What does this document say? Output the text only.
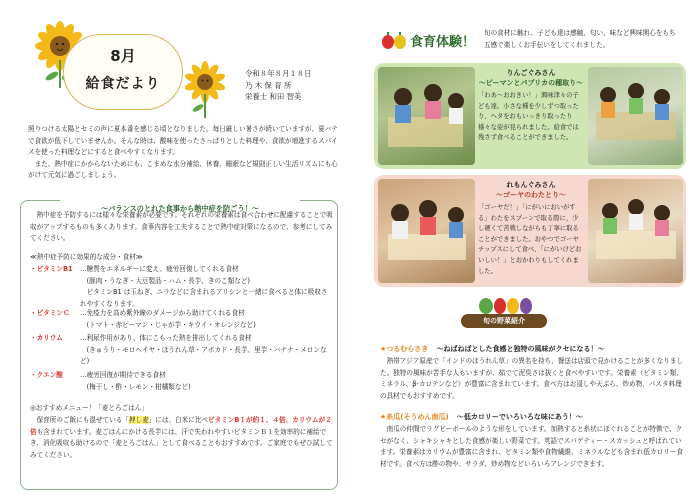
8月
給食だより
令和８年８月１８日
乃 木 保 育 所
栄養士 和田 智美
照りつける太陽とセミの声に夏本番を感じる頃となりました。毎日厳しい暑さが続いていますが、夏バテで食欲が低下していませんか。そんな時は、酸味を使ったさっぱりとした料理や、食欲が増進するスパイスを使った料理などにすると食べやすくなります。
　また、熱中症にかからないためにも、こまめな水分補給、休養、睡眠など規則正しい生活リズムにも心がけて元気に過ごしましょう。
～バランスのとれた食事から熱中症を防ごう！～
　熱中症を予防するには様々な栄養素が必要です。それぞれの栄養素は食べ合わせに配慮することで吸収がアップするものも多くあります。食事内容を工夫することで熱中症対策になるので、参考にしてみてください。
≪熱中症予防に効果的な成分・食材≫
・ビタミンB1	…糖質をエネルギーに変え、疲労回復してくれる食材
　(豚肉・うなぎ・大豆製品・ハム・長芋、きのこ類など)
　ビタミンB1 は玉ねぎ、ニラなどに含まれるアリシンと一緒に食べると体に吸収されやすくなります。
・ビタミンＣ	…免疫力を高め紫外線のダメージから助けてくれる食材
　(トマト・赤ピーマン・じゃが芋・キウイ・オレンジなど)
・カリウム	…利尿作用があり、体にこもった熱を排出してくれる食材
　(きゅうり・モロヘイヤ・ほうれん草・アボカド・長芋、里芋・バナナ・メロンなど)
・クエン酸	…疲労回復が期待できる食材
　(梅干し・酢・レモン・柑橘類など)
◎おすすめメニュー！「麦とろごはん」
　保育所のご飯にも混ぜている「押し麦」には、白米に比べビタミンB１が約１、４倍、カリウムが２倍も含まれています。麦ごはんにかける長芋には、汗で失われやすいビタミンＢ１を効率的に補給でき、消化吸収も助けるので「麦とろごはん」として食べることもおすすめです。ご家庭でもぜひ試してみてください。
食育体験！
旬の食材に触れ、子ども達は感触、匂い、味など興味関心をもち五感で楽しくお手伝いをしてくれました。
りんごぐみさん
～ピーマンとパプリカの種取り～
「わあ～おおきい！」興味津々の子ども達。小さな種を少しずつ取ったり、ヘタをおもいっきり取ったり様々な姿が見られました。給食では残さず食べることができました。
れもんぐみさん
～ゴーヤのわたとり～
「ゴーヤだ！」「にがいにおいがする」わたをスプーンで取る際に、少し硬くて苦戦しながらも丁寧に取ることができました。おやつでゴーヤチップスにして食べ、「にがいけどおいしい！」とおかわりもしてくれました。
旬の野菜紹介
★つるむらさき ～ねばねばとした食感と独特の風味がクセになる！～
　熱帯アジア原産で「インドのほうれん草」の異名を持ち、餐送は店頭で見かけることが多くなりました。独特の風味が苦手な人もいますが、茹でて泥臭さは抜くと食べやすいです。栄養素（ビタミン類、ミネラル、β-カロテンなど）が豊富に含まれています。食べ方はお浸しや天ぷら、炒め物、パスタ料理の具材でもおすすめです。
★糸瓜(そうめん南瓜) ～低カロリーでいろいろな味にあう！～
　南瓜の仲間でラグビーボールのような形をしています。加熱すると糸状にほぐれることが特徴で、クセがなく、シャキシャキとした食感が楽しい野菜です。英語でスパゲティー・スカッシュと呼ばれています。栄養素はカリウムが豊富に含まれ、ビタミン類や食物繊維、ミネラルなども含まれ低カロリー食材です。食べ方は酢の物や、サラダ、炒め物などいろいろアレンジできます。
